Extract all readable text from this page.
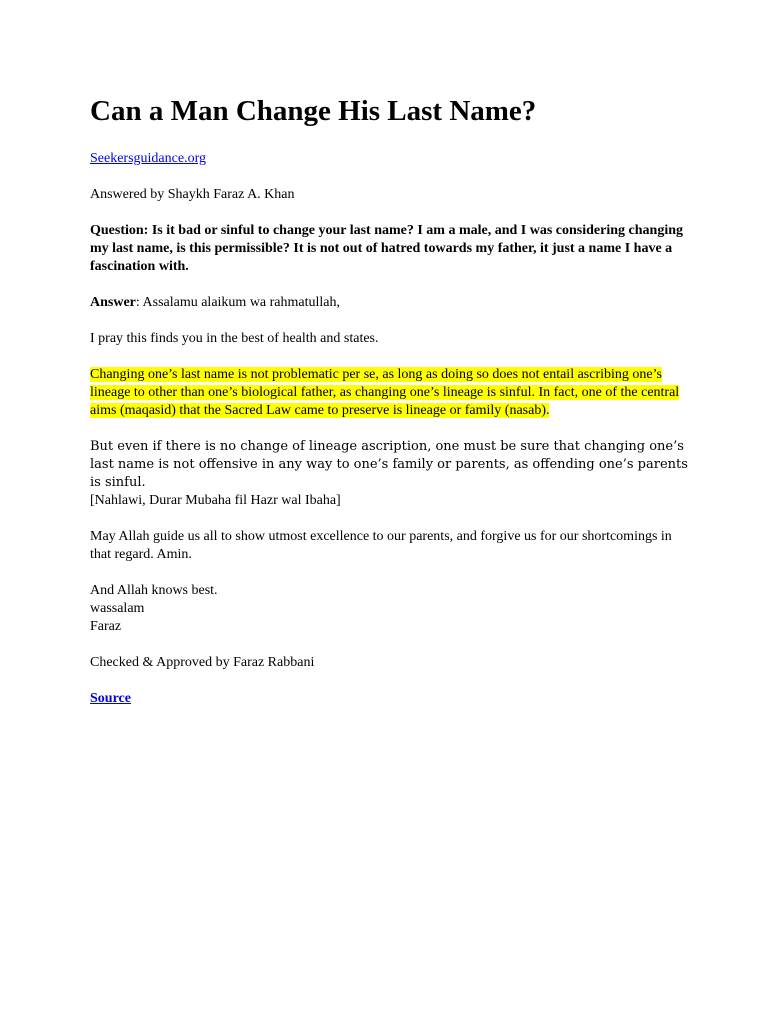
Can a Man Change His Last Name?

Seekersguidance.org

Answered by Shaykh Faraz A. Khan

Question: Is it bad or sinful to change your last name? I am a male, and I was considering changing my last name, is this permissible? It is not out of hatred towards my father, it just a name I have a fascination with.

Answer: Assalamu alaikum wa rahmatullah,

I pray this finds you in the best of health and states.

Changing one’s last name is not problematic per se, as long as doing so does not entail ascribing one’s lineage to other than one’s biological father, as changing one’s lineage is sinful. In fact, one of the central aims (maqasid) that the Sacred Law came to preserve is lineage or family (nasab).

But even if there is no change of lineage ascription, one must be sure that changing one’s last name is not offensive in any way to one’s family or parents, as offending one’s parents is sinful.
[Nahlawi, Durar Mubaha fil Hazr wal Ibaha]

May Allah guide us all to show utmost excellence to our parents, and forgive us for our shortcomings in that regard. Amin.

And Allah knows best.
wassalam
Faraz

Checked & Approved by Faraz Rabbani

Source
